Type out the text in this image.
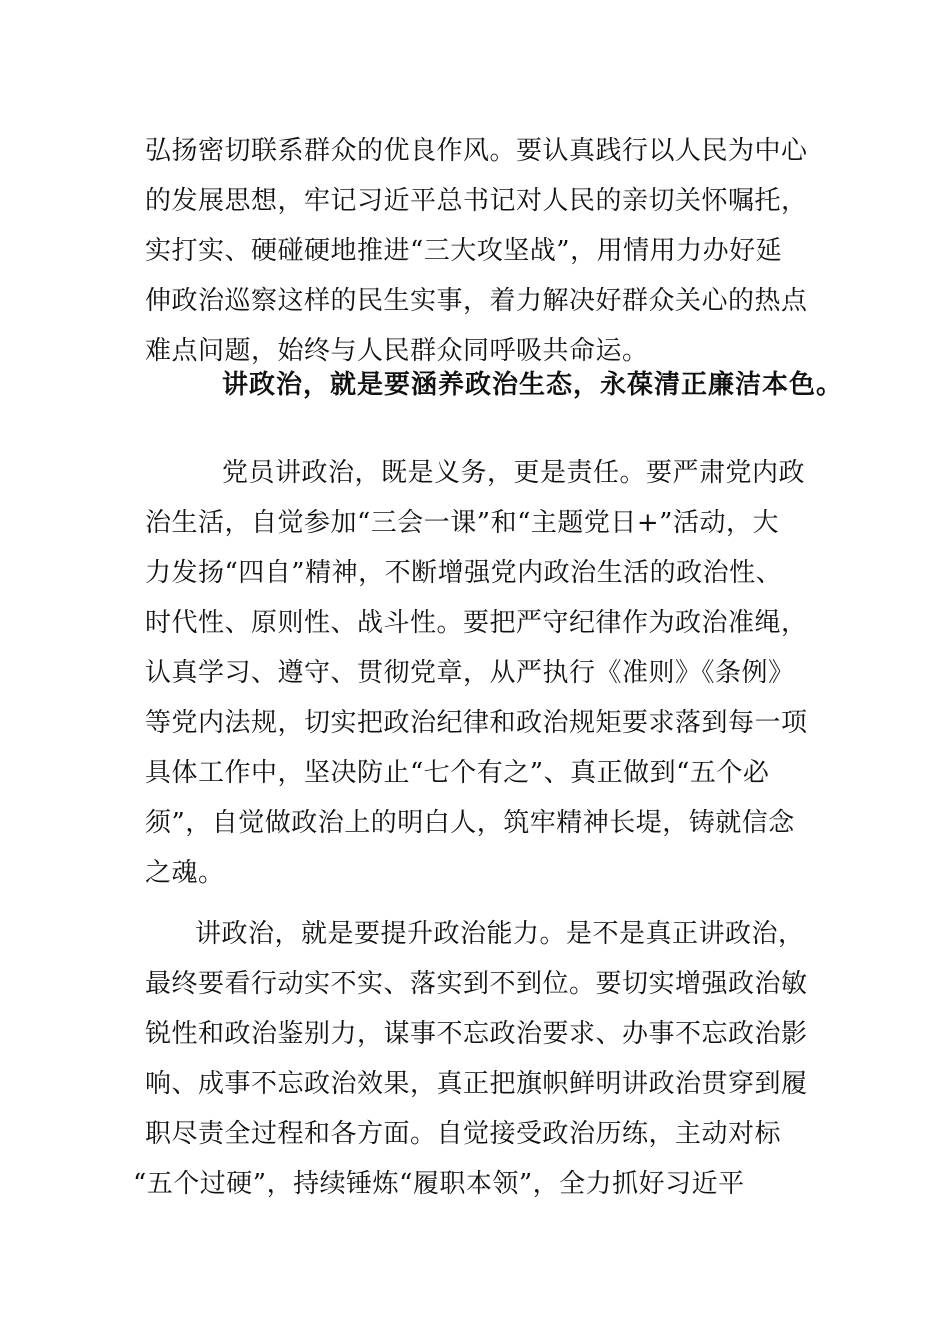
弘扬密切联系群众的优良作风。要认真践行以人民为中心
的发展思想，牢记习近平总书记对人民的亲切关怀嘱托，
实打实、硬碰硬地推进“三大攻坚战”，用情用力办好延
伸政治巡察这样的民生实事，着力解决好群众关心的热点
难点问题，始终与人民群众同呼吸共命运。
讲政治，就是要涵养政治生态，永葆清正廉洁本色。
党员讲政治，既是义务，更是责任。要严肃党内政
治生活，自觉参加“三会一课”和“主题党日+”活动，大
力发扬“四自”精神，不断增强党内政治生活的政治性、
时代性、原则性、战斗性。要把严守纪律作为政治准绳，
认真学习、遵守、贯彻党章，从严执行《准则》《条例》
等党内法规，切实把政治纪律和政治规矩要求落到每一项
具体工作中，坚决防止“七个有之”、真正做到“五个必
须”，自觉做政治上的明白人，筑牢精神长堤，铸就信念
之魂。
讲政治，就是要提升政治能力。是不是真正讲政治，
最终要看行动实不实、落实到不到位。要切实增强政治敏
锐性和政治鉴别力，谋事不忘政治要求、办事不忘政治影
响、成事不忘政治效果，真正把旗帜鲜明讲政治贯穿到履
职尽责全过程和各方面。自觉接受政治历练，主动对标
“五个过硬”，持续锤炼“履职本领”，全力抓好习近平
